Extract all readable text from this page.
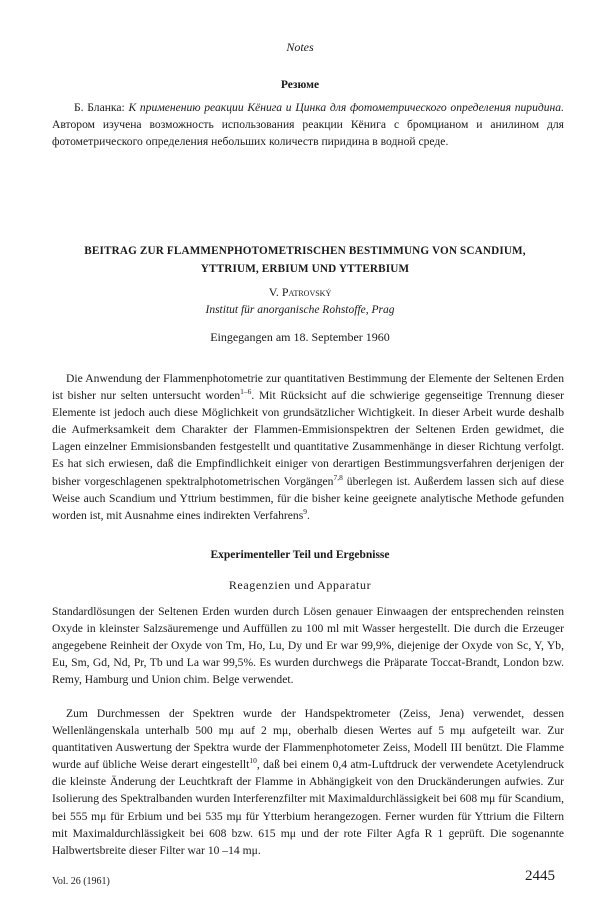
Notes
Резюме

Б. Бланка: К применению реакции Кёнига и Цинка для фотометрического определения пиридина. Автором изучена возможность использования реакции Кёнига с бромцианом и анилином для фотометрического определения небольших количеств пиридина в водной среде.

BEITRAG ZUR FLAMMENPHOTOMETRISCHEN BESTIMMUNG VON SCANDIUM,
YTTRIUM, ERBIUM UND YTTERBIUM
V. Patrovský
Institut für anorganische Rohstoffe, Prag
Eingegangen am 18. September 1960

Die Anwendung der Flammenphotometrie zur quantitativen Bestimmung der Elemente der Seltenen Erden ist bisher nur selten untersucht worden$^{1-6}$. Mit Rücksicht auf die schwierige gegenseitige Trennung dieser Elemente ist jedoch auch diese Möglichkeit von grundsätzlicher Wichtigkeit. In dieser Arbeit wurde deshalb die Aufmerksamkeit dem Charakter der Flammen-Emmisionspektren der Seltenen Erden gewidmet, die Lagen einzelner Emmisionsbanden festgestellt und quantitative Zusammenhänge in dieser Richtung verfolgt. Es hat sich erwiesen, daß die Empfindlichkeit einiger von derartigen Bestimmungsverfahren derjenigen der bisher vorgeschlagenen spektralphotometrischen Vorgängen$^{7,8}$ überlegen ist. Außerdem lassen sich auf diese Weise auch Scandium und Yttrium bestimmen, für die bisher keine geeignete analytische Methode gefunden worden ist, mit Ausnahme eines indirekten Verfahrens$^9$.

Experimenteller Teil und Ergebnisse
Reagenzien und Apparatur

Standardlösungen der Seltenen Erden wurden durch Lösen genauer Einwaagen der entsprechenden reinsten Oxyde in kleinster Salzsäuremenge und Auffüllen zu 100 ml mit Wasser hergestellt. Die durch die Erzeuger angegebene Reinheit der Oxyde von Tm, Ho, Lu, Dy und Er war 99,9%, diejenige der Oxyde von Sc, Y, Yb, Eu, Sm, Gd, Nd, Pr, Tb und La war 99,5%. Es wurden durchwegs die Präparate Toccat-Brandt, London bzw. Remy, Hamburg und Union chim. Belge verwendet.

Zum Durchmessen der Spektren wurde der Handspektrometer (Zeiss, Jena) verwendet, dessen Wellenlängenskala unterhalb 500 mμ auf 2 mμ, oberhalb diesen Wertes auf 5 mμ aufgeteilt war. Zur quantitativen Auswertung der Spektra wurde der Flammenphotometer Zeiss, Modell III benützt. Die Flamme wurde auf übliche Weise derart eingestellt$^{10}$, daß bei einem 0,4 atm-Luftdruck der verwendete Acetylendruck die kleinste Änderung der Leuchtkraft der Flamme in Abhängigkeit von den Druckänderungen aufwies. Zur Isolierung des Spektralbanden wurden Interferenzfilter mit Maximaldurchlässigkeit bei 608 mμ für Scandium, bei 555 mμ für Erbium und bei 535 mμ für Ytterbium herangezogen. Ferner wurden für Yttrium die Filtern mit Maximaldurchlässigkeit bei 608 bzw. 615 mμ und der rote Filter Agfa R 1 geprüft. Die sogenannte Halbwertsbreite dieser Filter war 10 –14 mμ.

Vol. 26 (1961)	2445
